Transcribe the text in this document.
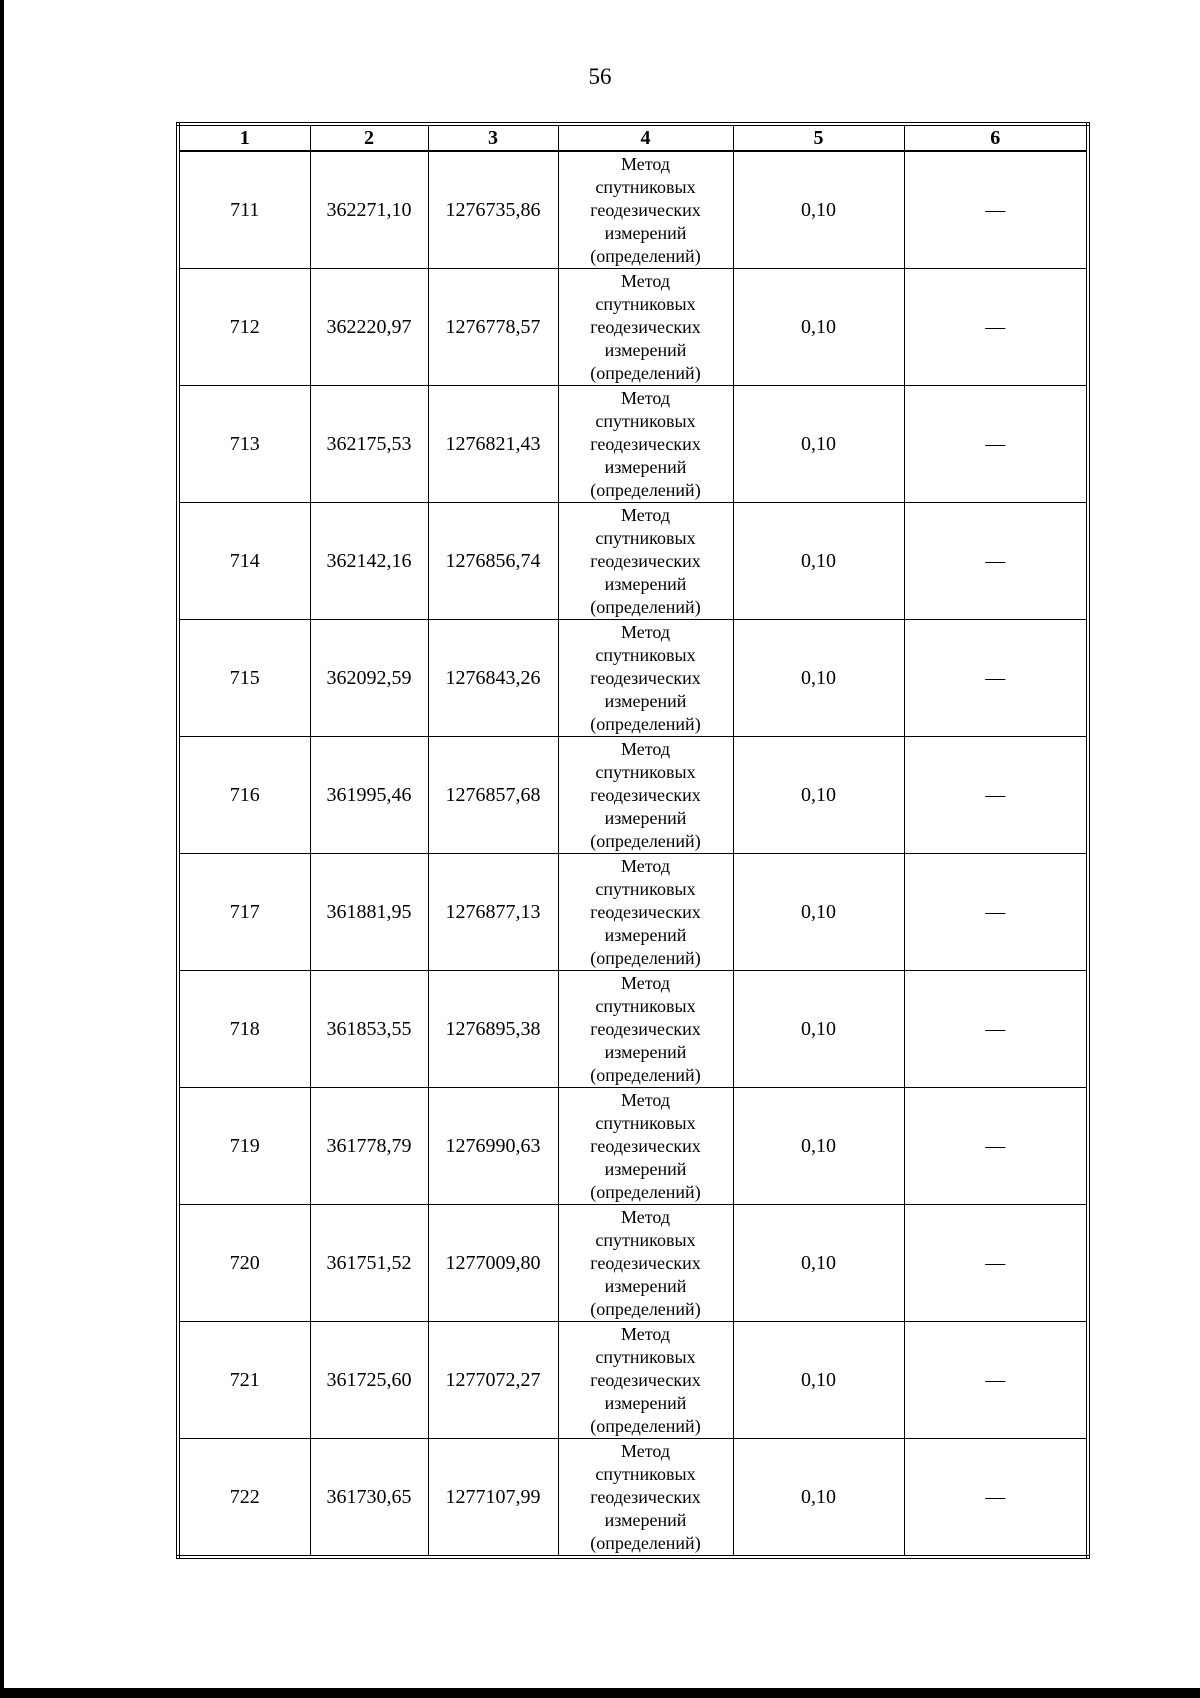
56
1	2	3	4	5	6
711	362271,10	1276735,86	Метод
спутниковых
геодезических
измерений
(определений)	0,10	—
712	362220,97	1276778,57	Метод
спутниковых
геодезических
измерений
(определений)	0,10	—
713	362175,53	1276821,43	Метод
спутниковых
геодезических
измерений
(определений)	0,10	—
714	362142,16	1276856,74	Метод
спутниковых
геодезических
измерений
(определений)	0,10	—
715	362092,59	1276843,26	Метод
спутниковых
геодезических
измерений
(определений)	0,10	—
716	361995,46	1276857,68	Метод
спутниковых
геодезических
измерений
(определений)	0,10	—
717	361881,95	1276877,13	Метод
спутниковых
геодезических
измерений
(определений)	0,10	—
718	361853,55	1276895,38	Метод
спутниковых
геодезических
измерений
(определений)	0,10	—
719	361778,79	1276990,63	Метод
спутниковых
геодезических
измерений
(определений)	0,10	—
720	361751,52	1277009,80	Метод
спутниковых
геодезических
измерений
(определений)	0,10	—
721	361725,60	1277072,27	Метод
спутниковых
геодезических
измерений
(определений)	0,10	—
722	361730,65	1277107,99	Метод
спутниковых
геодезических
измерений
(определений)	0,10	—
